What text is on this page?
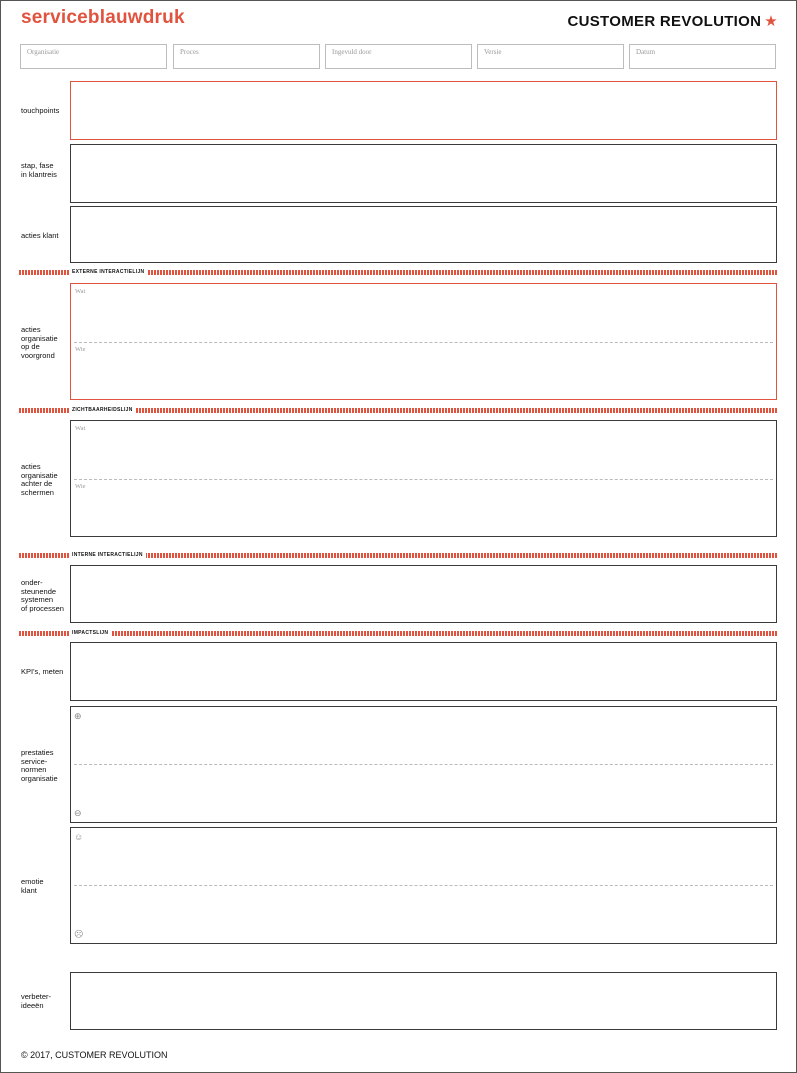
serviceblauwdruk	CUSTOMER REVOLUTION ★
Organisatie	Proces	Ingevuld door	Versie	Datum
touchpoints
stap, fase
in klantreis
acties klant
EXTERNE INTERACTIELIJN
acties
organisatie
op de
voorgrond
Wat
Wie
ZICHTBAARHEIDSLIJN
acties
organisatie
achter de
schermen
Wat
Wie
INTERNE INTERACTIELIJN
onder-
steunende
systemen
of processen
IMPACTSLIJN
KPI's, meten
prestaties
service-
normen
organisatie
⊕
⊖
emotie
klant
☺
☹
verbeter-
ideeën
© 2017, CUSTOMER REVOLUTION
